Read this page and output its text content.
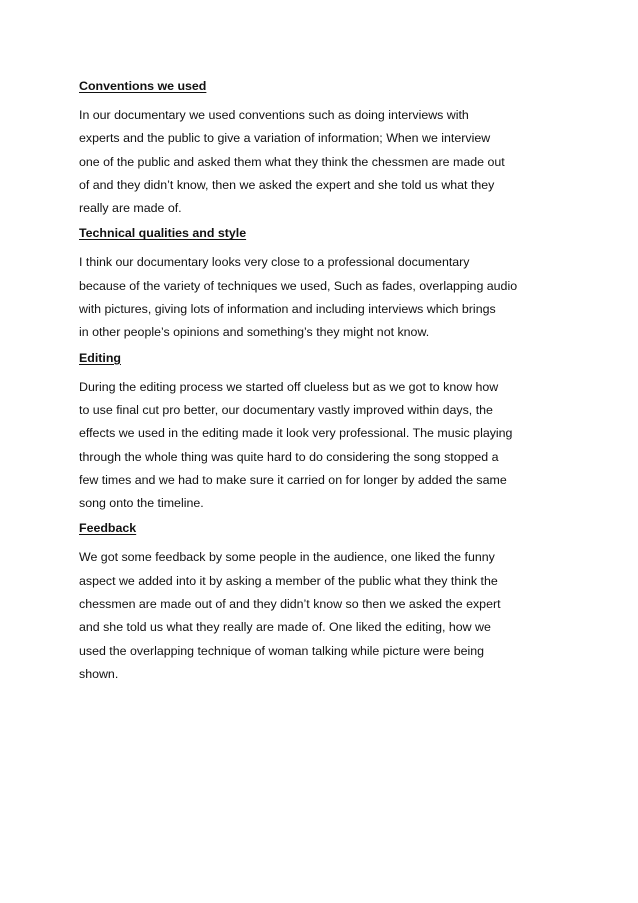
Conventions we used
In our documentary we used conventions such as doing interviews with
experts and the public to give a variation of information; When we interview
one of the public and asked them what they think the chessmen are made out
of and they didn’t know, then we asked the expert and she told us what they
really are made of.
Technical qualities and style
I think our documentary looks very close to a professional documentary
because of the variety of techniques we used, Such as fades, overlapping audio
with pictures, giving lots of information and including interviews which brings
in other people’s opinions and something’s they might not know.
Editing
During the editing process we started off clueless but as we got to know how
to use final cut pro better, our documentary vastly improved within days, the
effects we used in the editing made it look very professional. The music playing
through the whole thing was quite hard to do considering the song stopped a
few times and we had to make sure it carried on for longer by added the same
song onto the timeline.
Feedback
We got some feedback by some people in the audience, one liked the funny
aspect we added into it by asking a member of the public what they think the
chessmen are made out of and they didn’t know so then we asked the expert
and she told us what they really are made of. One liked the editing, how we
used the overlapping technique of woman talking while picture were being
shown.
